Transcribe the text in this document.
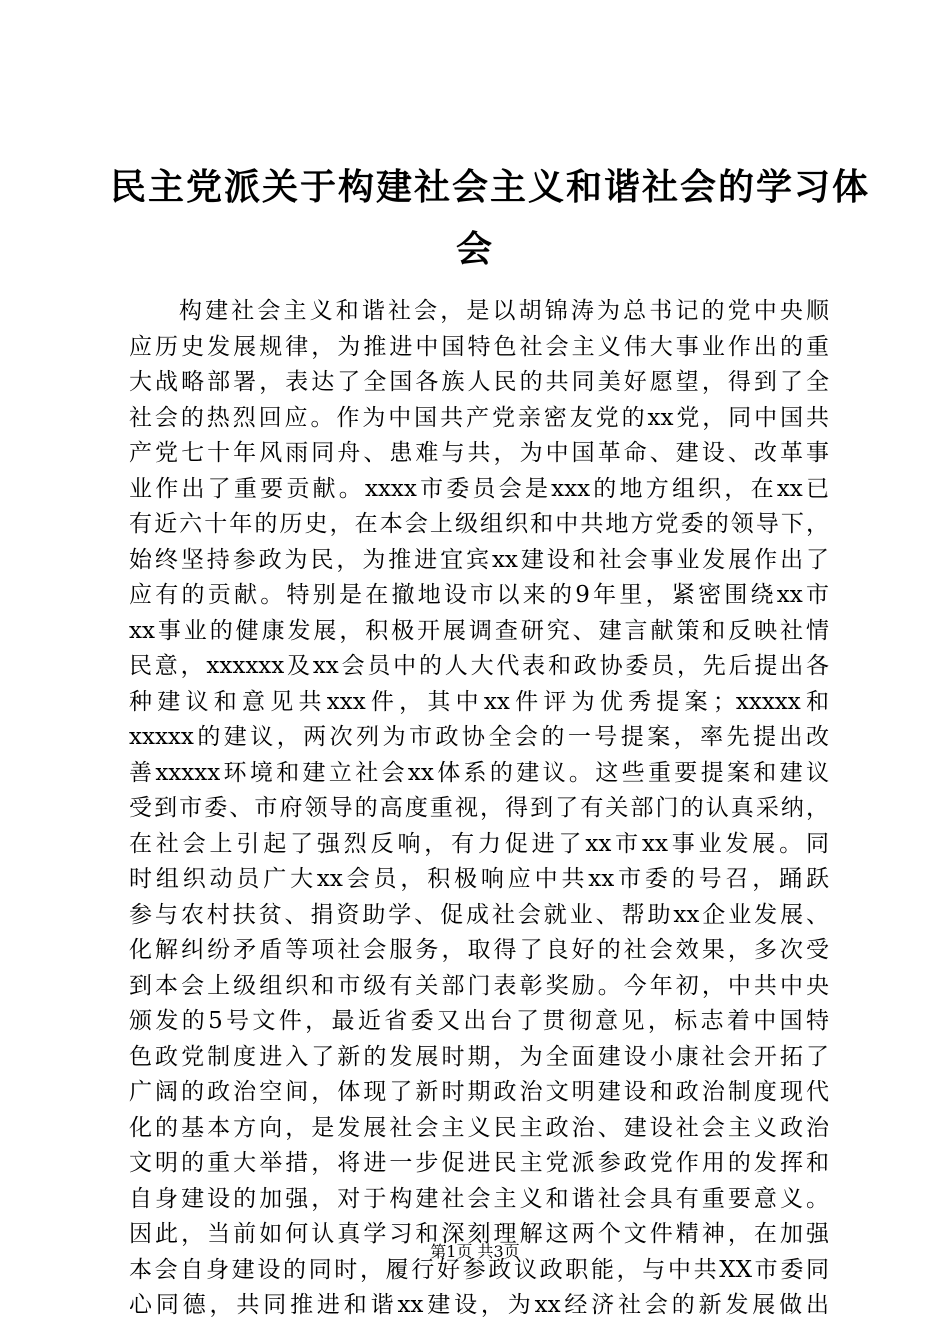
民主党派关于构建社会主义和谐社会的学习体
会
构建社会主义和谐社会，是以胡锦涛为总书记的党中央顺
应历史发展规律，为推进中国特色社会主义伟大事业作出的重
大战略部署，表达了全国各族人民的共同美好愿望，得到了全
社会的热烈回应。作为中国共产党亲密友党的xx党，同中国共
产党七十年风雨同舟、患难与共，为中国革命、建设、改革事
业作出了重要贡献。xxxx市委员会是xxx的地方组织，在xx已
有近六十年的历史，在本会上级组织和中共地方党委的领导下，
始终坚持参政为民，为推进宜宾xx建设和社会事业发展作出了
应有的贡献。特别是在撤地设市以来的9年里，紧密围绕xx市
xx事业的健康发展，积极开展调查研究、建言献策和反映社情
民意，xxxxxx及xx会员中的人大代表和政协委员，先后提出各
种建议和意见共xxx件，其中xx件评为优秀提案；xxxxx和
xxxxx的建议，两次列为市政协全会的一号提案，率先提出改
善xxxxx环境和建立社会xx体系的建议。这些重要提案和建议
受到市委、市府领导的高度重视，得到了有关部门的认真采纳，
在社会上引起了强烈反响，有力促进了xx市xx事业发展。同
时组织动员广大xx会员，积极响应中共xx市委的号召，踊跃
参与农村扶贫、捐资助学、促成社会就业、帮助xx企业发展、
化解纠纷矛盾等项社会服务，取得了良好的社会效果，多次受
到本会上级组织和市级有关部门表彰奖励。今年初，中共中央
颁发的5号文件，最近省委又出台了贯彻意见，标志着中国特
色政党制度进入了新的发展时期，为全面建设小康社会开拓了
广阔的政治空间，体现了新时期政治文明建设和政治制度现代
化的基本方向，是发展社会主义民主政治、建设社会主义政治
文明的重大举措，将进一步促进民主党派参政党作用的发挥和
自身建设的加强，对于构建社会主义和谐社会具有重要意义。
因此，当前如何认真学习和深刻理解这两个文件精神，在加强
本会自身建设的同时，履行好参政议政职能，与中共XX市委同
心同德，共同推进和谐xx建设，为xx经济社会的新发展做出
第1页 共3页
